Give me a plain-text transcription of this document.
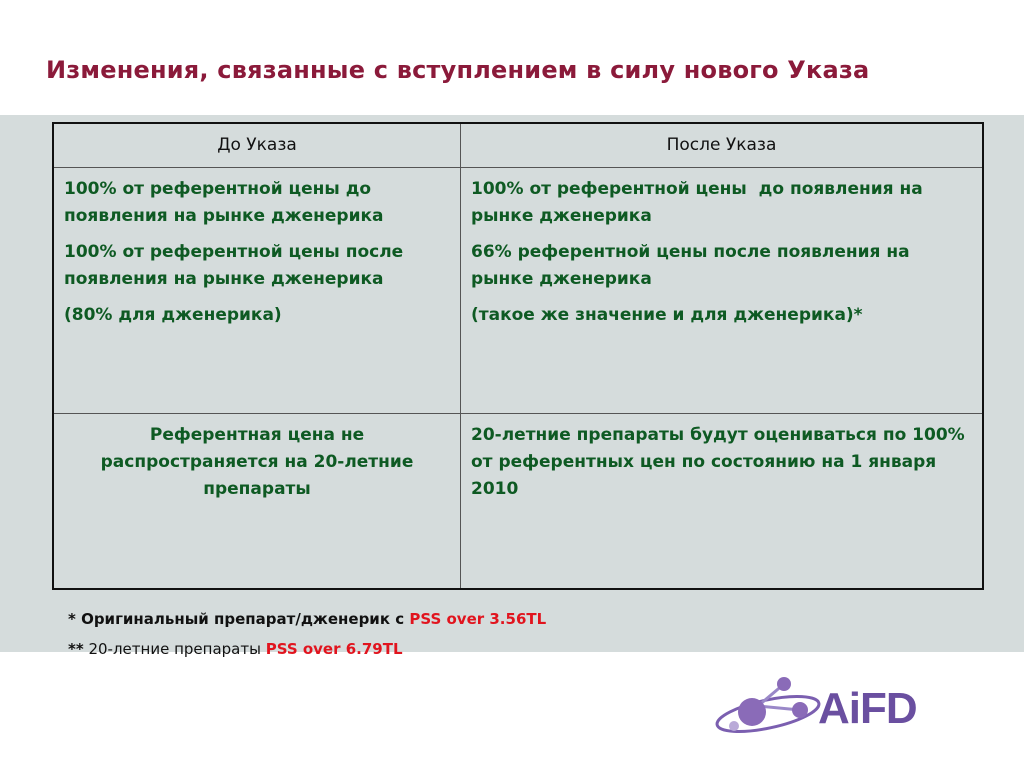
Изменения, связанные с вступлением в силу нового Указа
До Указа	После Указа

100% от референтной цены до появления на рынке дженерика

100% от референтной цены после появления на рынке дженерика

(80% для дженерика)

100% от референтной цены  до появления на рынке дженерика

66% референтной цены после появления на рынке дженерика

(такое же значение и для дженерика)*

Референтная цена не распространяется на 20-летние препараты

20-летние препараты будут оцениваться по 100% от референтных цен по состоянию на 1 января 2010

* Оригинальный препарат/дженерик с PSS over 3.56TL
** 20-летние препараты PSS over 6.79TL
AiFD
